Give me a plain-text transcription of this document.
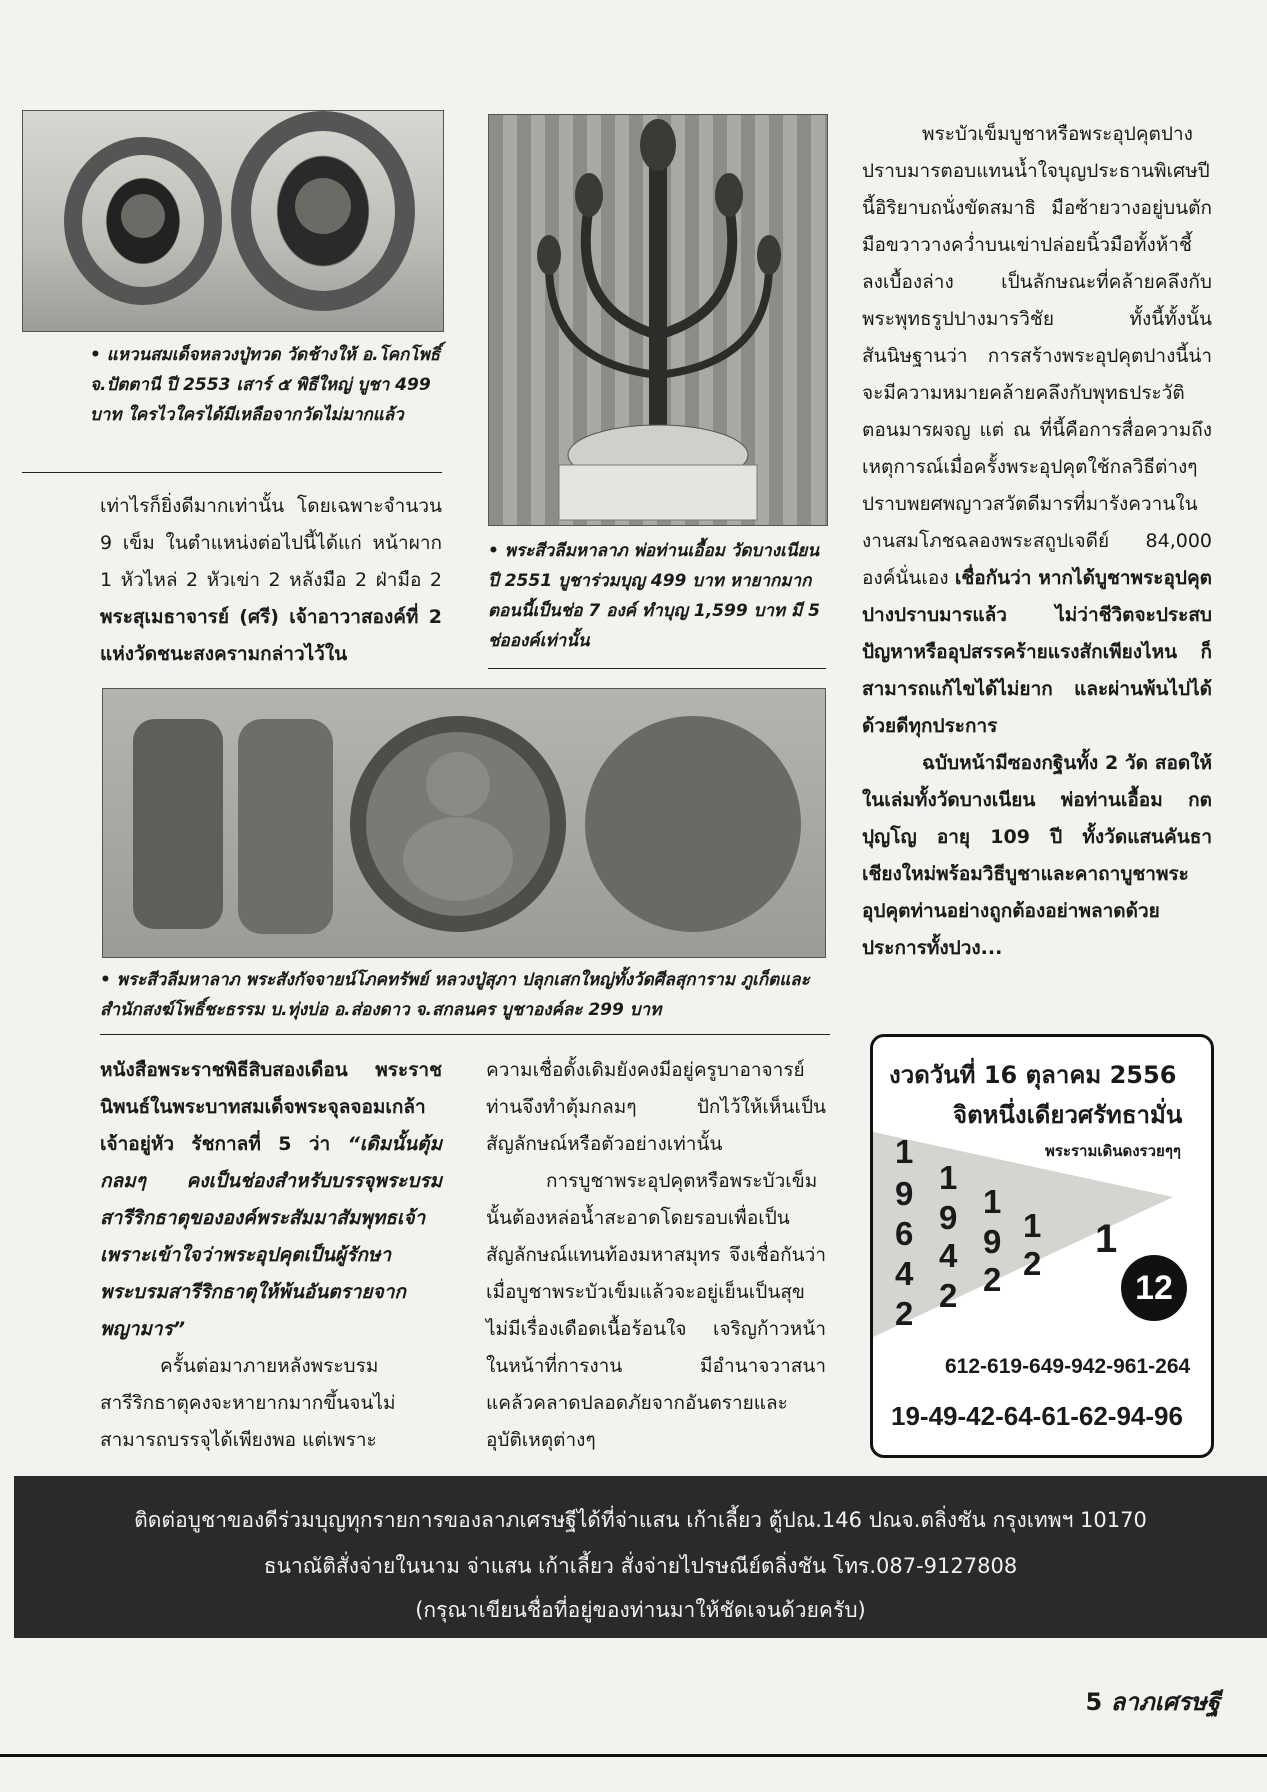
• แหวนสมเด็จหลวงปู่ทวด วัดช้างให้ อ.โคกโพธิ์ จ.ปัตตานี ปี 2553 เสาร์ ๕ พิธีใหญ่ บูชา 499 บาท ใครไวใครได้มีเหลือจากวัดไม่มากแล้ว
เท่าไรก็ยิ่งดีมากเท่านั้น โดยเฉพาะจำนวน 9 เข็ม ในตำแหน่งต่อไปนี้ได้แก่ หน้าผาก 1 หัวไหล่ 2 หัวเข่า 2 หลังมือ 2 ฝ่ามือ 2 พระสุเมธาจารย์ (ศรี) เจ้าอาวาสองค์ที่ 2 แห่งวัดชนะสงครามกล่าวไว้ใน
• พระสีวลีมหาลาภ พ่อท่านเอื้อม วัดบางเนียน ปี 2551 บูชาร่วมบุญ 499 บาท หายากมากตอนนี้เป็นช่อ 7 องค์ ทำบุญ 1,599 บาท มี 5 ช่อองค์เท่านั้น
• พระสีวลีมหาลาภ พระสังกัจจายน์โภคทรัพย์ หลวงปู่สุภา ปลุกเสกใหญ่ทั้งวัดศีลสุการาม ภูเก็ตและสำนักสงฆ์โพธิ์ชะธรรม บ.ทุ่งบ่อ อ.ส่องดาว จ.สกลนคร บูชาองค์ละ 299 บาท
หนังสือพระราชพิธีสิบสองเดือน พระราชนิพนธ์ในพระบาทสมเด็จพระจุลจอมเกล้าเจ้าอยู่หัว รัชกาลที่ 5 ว่า “เดิมนั้นตุ้มกลมๆ คงเป็นช่องสำหรับบรรจุพระบรมสารีริกธาตุขององค์พระสัมมาสัมพุทธเจ้า เพราะเข้าใจว่าพระอุปคุตเป็นผู้รักษาพระบรมสารีริกธาตุให้พ้นอันตรายจากพญามาร”
ครั้นต่อมาภายหลังพระบรมสารีริกธาตุคงจะหายากมากขึ้นจนไม่สามารถบรรจุได้เพียงพอ แต่เพราะ
ความเชื่อดั้งเดิมยังคงมีอยู่ครูบาอาจารย์ท่านจึงทำตุ้มกลมๆ ปักไว้ให้เห็นเป็นสัญลักษณ์หรือตัวอย่างเท่านั้น
การบูชาพระอุปคุตหรือพระบัวเข็มนั้นต้องหล่อน้ำสะอาดโดยรอบเพื่อเป็นสัญลักษณ์แทนท้องมหาสมุทร จึงเชื่อกันว่า เมื่อบูชาพระบัวเข็มแล้วจะอยู่เย็นเป็นสุข ไม่มีเรื่องเดือดเนื้อร้อนใจ เจริญก้าวหน้าในหน้าที่การงาน มีอำนาจวาสนา แคล้วคลาดปลอดภัยจากอันตรายและอุบัติเหตุต่างๆ
พระบัวเข็มบูชาหรือพระอุปคุตปางปราบมารตอบแทนน้ำใจบุญประธานพิเศษปีนี้อิริยาบถนั่งขัดสมาธิ มือซ้ายวางอยู่บนตัก มือขวาวางคว่ำบนเข่าปล่อยนิ้วมือทั้งห้าชี้ลงเบื้องล่าง เป็นลักษณะที่คล้ายคลึงกับพระพุทธรูปปางมารวิชัย ทั้งนี้ทั้งนั้นสันนิษฐานว่า การสร้างพระอุปคุตปางนี้น่าจะมีความหมายคล้ายคลึงกับพุทธประวัติตอนมารผจญ แต่ ณ ที่นี้คือการสื่อความถึงเหตุการณ์เมื่อครั้งพระอุปคุตใช้กลวิธีต่างๆ ปราบพยศพญาวสวัตดีมารที่มารังควานในงานสมโภชฉลองพระสถูปเจดีย์ 84,000 องค์นั่นเอง เชื่อกันว่า หากได้บูชาพระอุปคุตปางปราบมารแล้ว ไม่ว่าชีวิตจะประสบปัญหาหรืออุปสรรคร้ายแรงสักเพียงไหน ก็สามารถแก้ไขได้ไม่ยาก และผ่านพ้นไปได้ด้วยดีทุกประการ
ฉบับหน้ามีซองกฐินทั้ง 2 วัด สอดให้ในเล่มทั้งวัดบางเนียน พ่อท่านเอื้อม กตปุญโญ อายุ 109 ปี ทั้งวัดแสนคันธา เชียงใหม่พร้อมวิธีบูชาและคาถาบูชาพระอุปคุตท่านอย่างถูกต้องอย่าพลาดด้วยประการทั้งปวง...
งวดวันที่ 16 ตุลาคม 2556
จิตหนึ่งเดียวศรัทธามั่น
พระรามเดินดงรวยๆๆ
1
9
6
4
2
1
9
4
2
1
9
2
1
2
1
12
612-619-649-942-961-264
19-49-42-64-61-62-94-96
ติดต่อบูชาของดีร่วมบุญทุกรายการของลาภเศรษฐีได้ที่จ่าแสน เก้าเลี้ยว ตู้ปณ.146 ปณจ.ตลิ่งชัน กรุงเทพฯ 10170
ธนาณัติสั่งจ่ายในนาม จ่าแสน เก้าเลี้ยว สั่งจ่ายไปรษณีย์ตลิ่งชัน โทร.087-9127808
(กรุณาเขียนชื่อที่อยู่ของท่านมาให้ชัดเจนด้วยครับ)
5 ลาภเศรษฐี
